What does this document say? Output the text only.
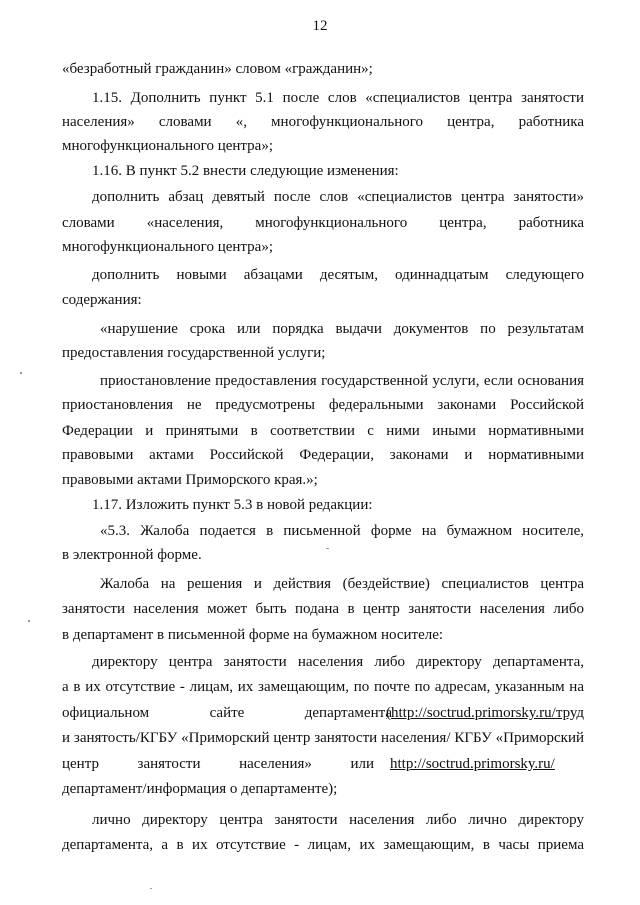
12
«безработный гражданин» словом «гражданин»;
1.15. Дополнить пункт 5.1 после слов «специалистов центра занятости
населения» словами «, многофункционального центра, работника
многофункционального центра»;
1.16. В пункт 5.2 внести следующие изменения:
дополнить абзац девятый после слов «специалистов центра занятости»
словами «населения, многофункционального центра, работника
многофункционального центра»;
дополнить новыми абзацами десятым, одиннадцатым следующего
содержания:
«нарушение срока или порядка выдачи документов по результатам
предоставления государственной услуги;
приостановление предоставления государственной услуги, если основания
приостановления не предусмотрены федеральными законами Российской
Федерации и принятыми в соответствии с ними иными нормативными
правовыми актами Российской Федерации, законами и нормативными
правовыми актами Приморского края.»;
1.17. Изложить пункт 5.3 в новой редакции:
«5.3. Жалоба подается в письменной форме на бумажном носителе,
в электронной форме.
Жалоба на решения и действия (бездействие) специалистов центра
занятости населения может быть подана в центр занятости населения либо
в департамент в письменной форме на бумажном носителе:
директору центра занятости населения либо директору департамента,
а в их отсутствие - лицам, их замещающим, по почте по адресам, указанным на
официальном сайте департамента
(http://soctrud.primorsky.ru/труд
и занятость/КГБУ «Приморский центр занятости населения/ КГБУ «Приморский
центр занятости населения» или http://soctrud.primorsky.ru/
департамент/информация о департаменте);
лично директору центра занятости населения либо лично директору
департамента, а в их отсутствие - лицам, их замещающим, в часы приема
